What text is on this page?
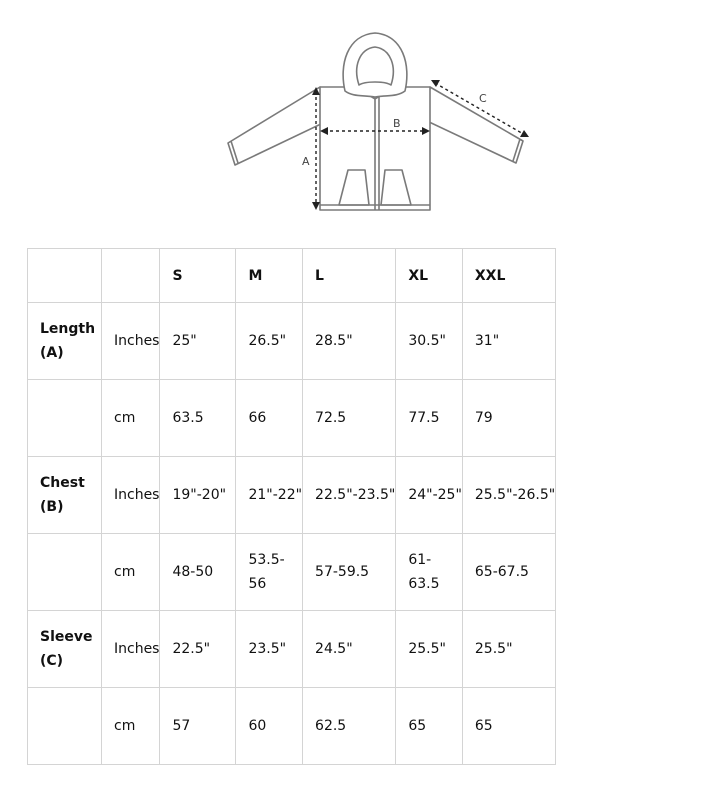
A
B
C
		S	M	L	XL	XXL
Length (A)	Inches	25"	26.5"	28.5"	30.5"	31"
	cm	63.5	66	72.5	77.5	79
Chest (B)	Inches	19"-20"	21"-22"	22.5"-23.5"	24"-25"	25.5"-26.5"
	cm	48-50	53.5-56	57-59.5	61-63.5	65-67.5
Sleeve (C)	Inches	22.5"	23.5"	24.5"	25.5"	25.5"
	cm	57	60	62.5	65	65
